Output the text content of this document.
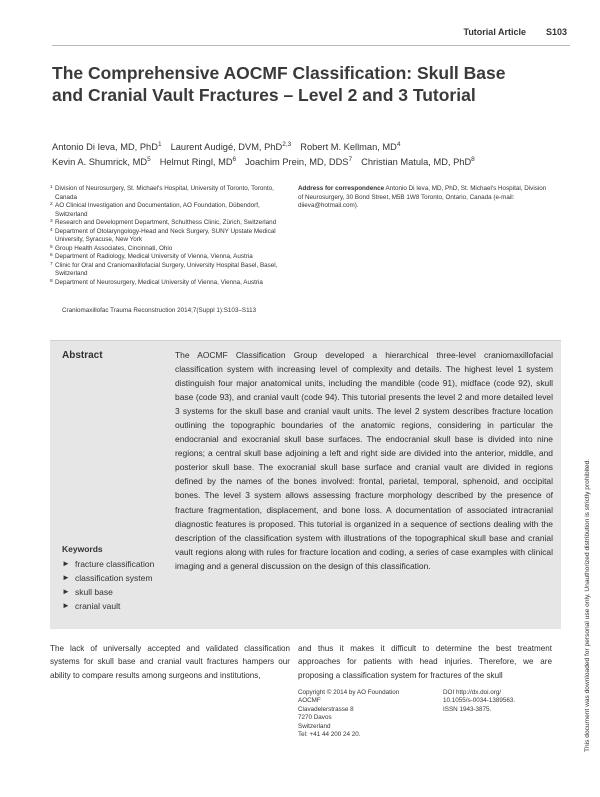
Tutorial Article S103
The Comprehensive AOCMF Classification: Skull Base and Cranial Vault Fractures – Level 2 and 3 Tutorial
Antonio Di Ieva, MD, PhD$^1$ Laurent Audigé, DVM, PhD$^{2,3}$ Robert M. Kellman, $MD^4$
Kevin A. Shumrick, $MD^5$ Helmut Ringl, $MD^6$ Joachim Prein, MD, DDS$^7$ Christian Matula, MD, PhD$^8$
1 Division of Neurosurgery, St. Michael's Hospital, University of Toronto, Toronto, Canada
2 AO Clinical Investigation and Documentation, AO Foundation, Dübendorf, Switzerland
3 Research and Development Department, Schulthess Clinic, Zürich, Switzerland
4 Department of Otolaryngology-Head and Neck Surgery, SUNY Upstate Medical University, Syracuse, New York
5 Group Health Associates, Cincinnati, Ohio
6 Department of Radiology, Medical University of Vienna, Vienna, Austria
7 Clinic for Oral and Craniomaxillofacial Surgery, University Hospital Basel, Basel, Switzerland
8 Department of Neurosurgery, Medical University of Vienna, Vienna, Austria
Address for correspondence Antonio Di Ieva, MD, PhD, St. Michael's Hospital, Division of Neurosurgery, 30 Bond Street, M5B 1W8 Toronto, Ontario, Canada (e-mail: diieva@hotmail.com).
Craniomaxillofac Trauma Reconstruction 2014;7(Suppl 1):S103–S113
Abstract	The AOCMF Classification Group developed a hierarchical three-level craniomaxillofacial classification system with increasing level of complexity and details. The highest level 1 system distinguish four major anatomical units, including the mandible (code 91), midface (code 92), skull base (code 93), and cranial vault (code 94). This tutorial presents the level 2 and more detailed level 3 systems for the skull base and cranial vault units. The level 2 system describes fracture location outlining the topographic boundaries of the anatomic regions, considering in particular the endocranial and exocranial skull base surfaces. The endocranial skull base is divided into nine regions; a central skull base adjoining a left and right side are divided into the anterior, middle, and posterior skull base. The exocranial skull base surface and cranial vault are divided in regions defined by the names of the bones involved: frontal, parietal, temporal, sphenoid, and occipital bones. The level 3 system allows assessing fracture morphology described by the presence of fracture fragmentation, displacement, and bone loss. A documentation of associated intracranial diagnostic features is proposed. This tutorial is organized in a sequence of sections dealing with the description of the classification system with illustrations of the topographical skull base and cranial vault regions along with rules for fracture location and coding, a series of case examples with clinical imaging and a general discussion on the design of this classification.

Keywords
► fracture classification
► classification system
► skull base
► cranial vault

The lack of universally accepted and validated classification systems for skull base and cranial vault fractures hampers our ability to compare results among surgeons and institutions,

and thus it makes it difficult to determine the best treatment approaches for patients with head injuries. Therefore, we are proposing a classification system for fractures of the skull

Copyright © 2014 by AO Foundation
AOCMF
Clavadelerstrasse 8
7270 Davos
Switzerland
Tel: +41 44 200 24 20.
DOI http://dx.doi.org/
10.1055/s-0034-1389563.
ISSN 1943-3875.	This document was downloaded for personal use only. Unauthorized distribution is strictly prohibited.
